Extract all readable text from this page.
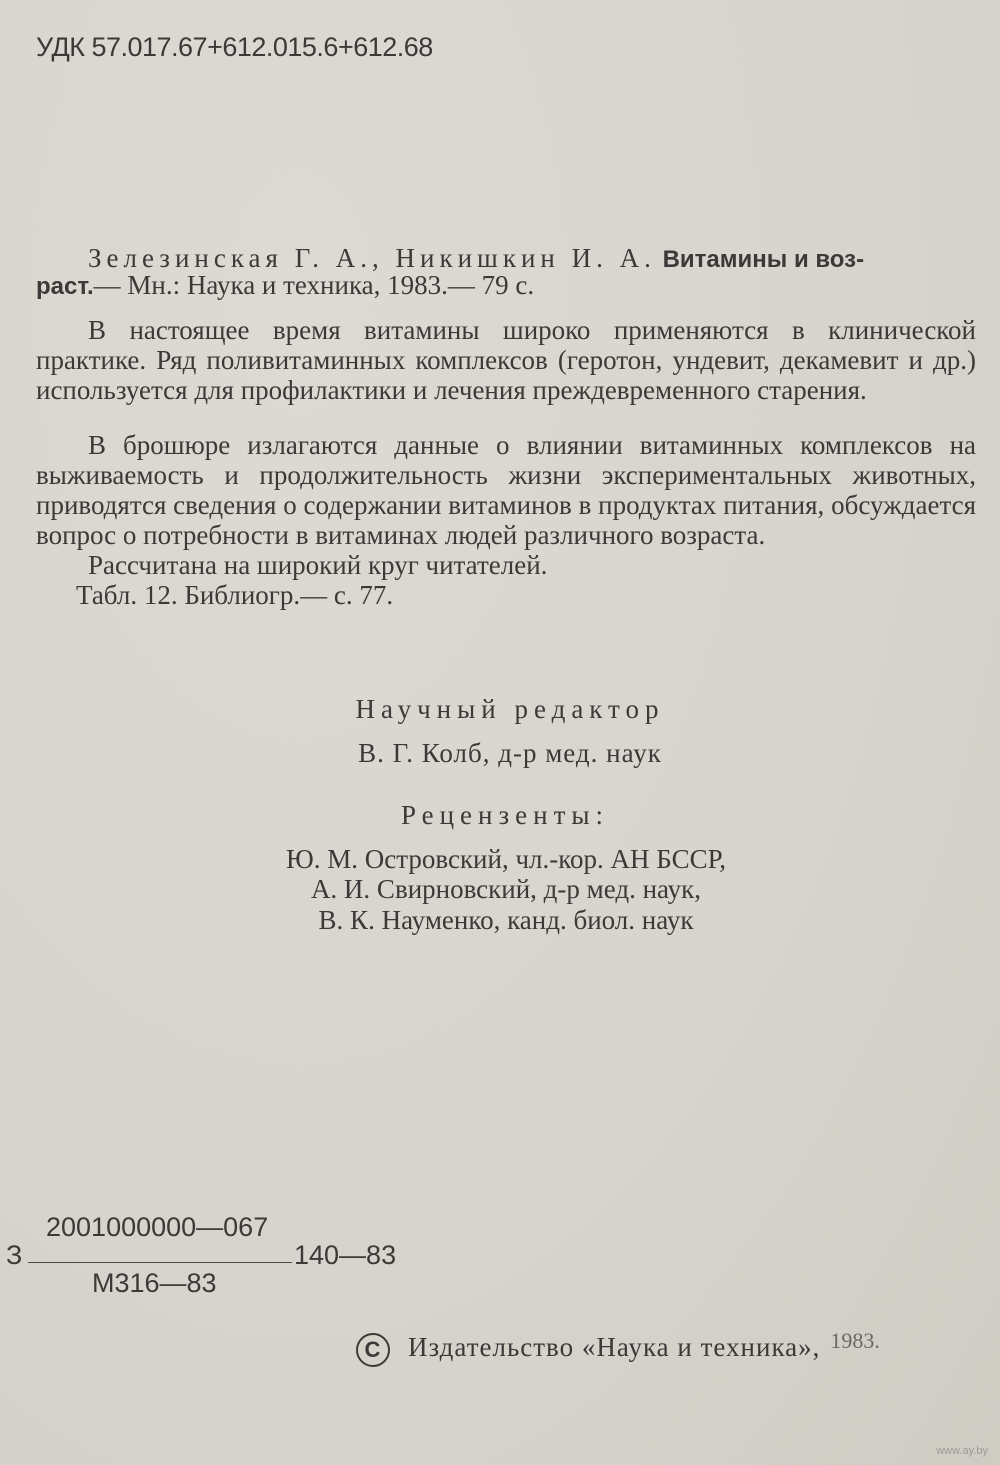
УДК 57.017.67+612.015.6+612.68
Зелезинская Г. А., Никишкин И. А. Витамины и воз-
раст.— Мн.: Наука и техника, 1983.— 79 с.
В настоящее время витамины широко применяются в клинической практике. Ряд поливитаминных комплексов (геротон, ундевит, декамевит и др.) используется для профилактики и лечения преждевременного старения.
В брошюре излагаются данные о влиянии витаминных комплексов на выживаемость и продолжительность жизни экспериментальных животных, приводятся сведения о содержании витаминов в продуктах питания, обсуждается вопрос о потребности в витаминах людей различного возраста.
Рассчитана на широкий круг читателей.
Табл. 12. Библиогр.— с. 77.
Научный редактор
В. Г. Колб, д-р мед. наук
Рецензенты:
Ю. М. Островский, чл.-кор. АН БССР,
А. И. Свирновский, д-р мед. наук,
В. К. Науменко, канд. биол. наук
2001000000—067
З	140—83
М316—83
C Издательство «Наука и техника», $^{1983.}$
www.ay.by
